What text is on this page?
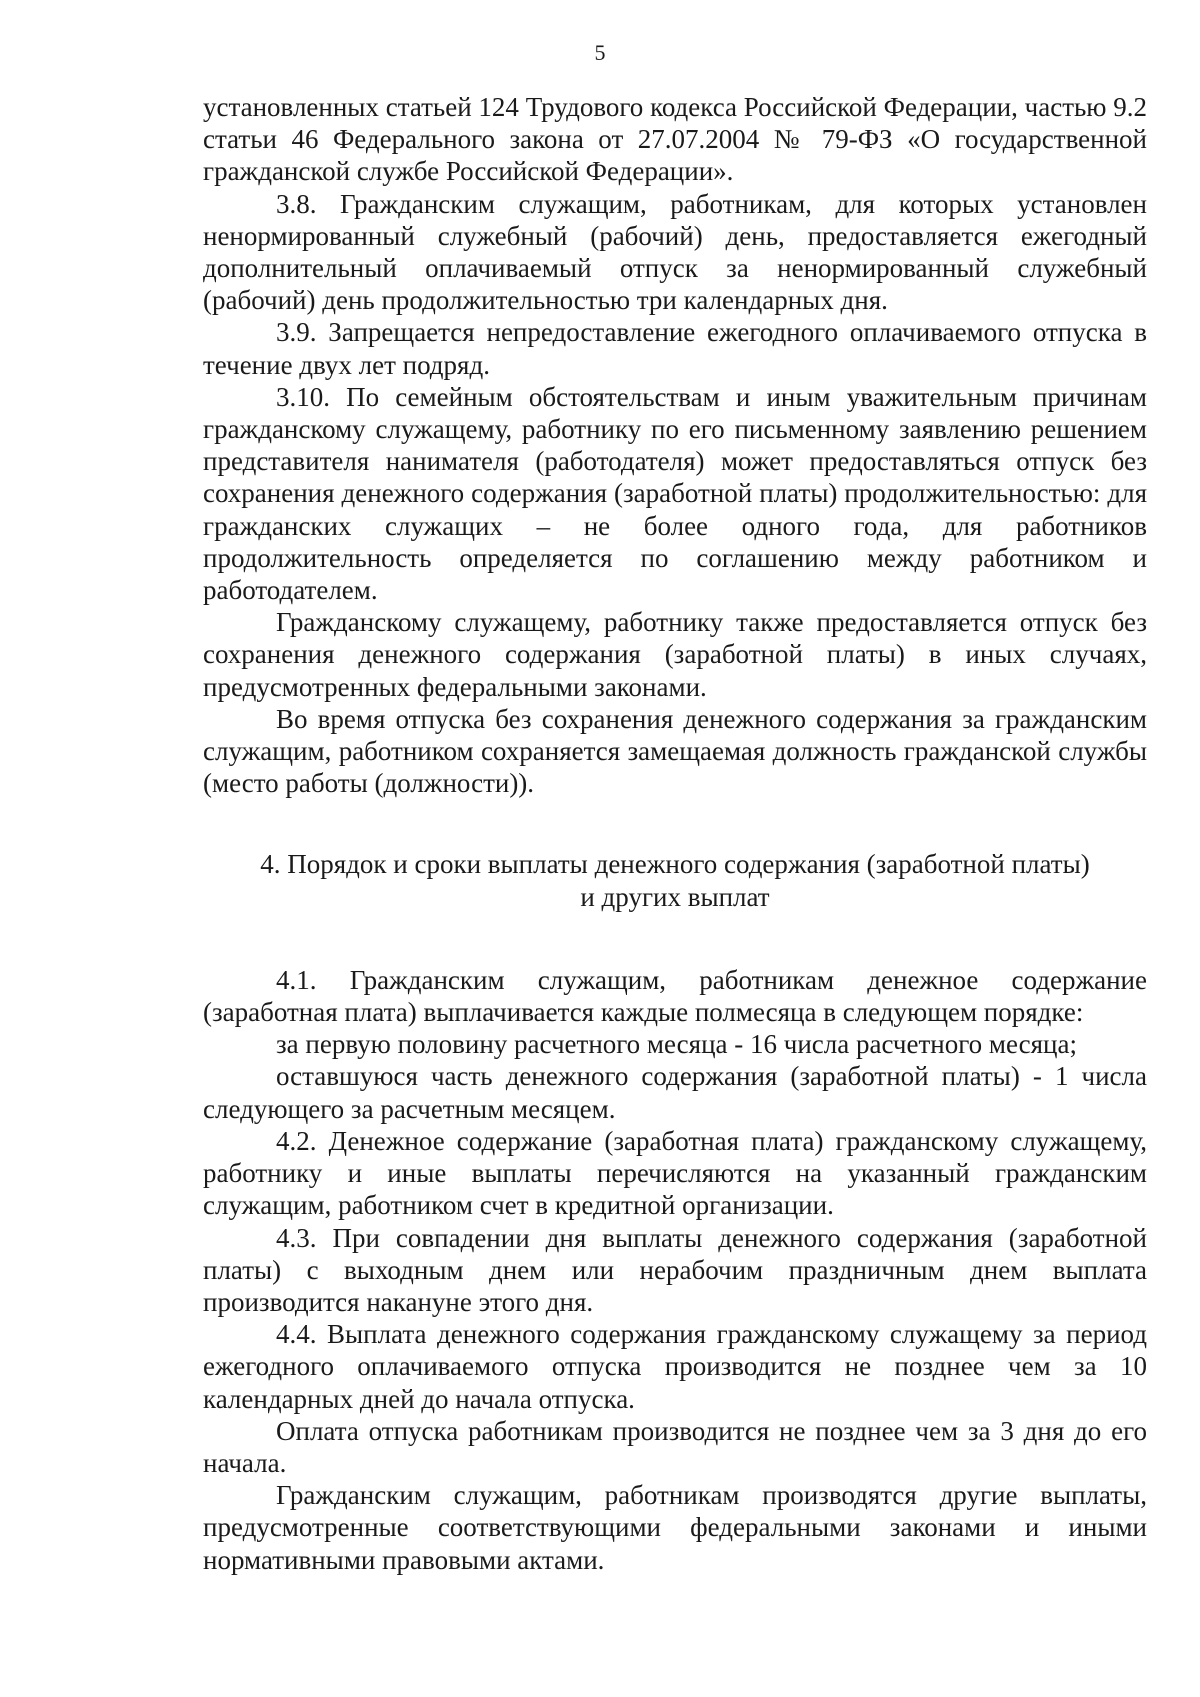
5

установленных статьей 124 Трудового кодекса Российской Федерации, частью 9.2 статьи 46 Федерального закона от 27.07.2004 № 79-ФЗ «О государственной гражданской службе Российской Федерации».

3.8. Гражданским служащим, работникам, для которых установлен ненормированный служебный (рабочий) день, предоставляется ежегодный дополнительный оплачиваемый отпуск за ненормированный служебный (рабочий) день продолжительностью три календарных дня.

3.9. Запрещается непредоставление ежегодного оплачиваемого отпуска в течение двух лет подряд.

3.10. По семейным обстоятельствам и иным уважительным причинам гражданскому служащему, работнику по его письменному заявлению решением представителя нанимателя (работодателя) может предоставляться отпуск без сохранения денежного содержания (заработной платы) продолжительностью: для гражданских служащих – не более одного года, для работников продолжительность определяется по соглашению между работником и работодателем.

Гражданскому служащему, работнику также предоставляется отпуск без сохранения денежного содержания (заработной платы) в иных случаях, предусмотренных федеральными законами.

Во время отпуска без сохранения денежного содержания за гражданским служащим, работником сохраняется замещаемая должность гражданской службы (место работы (должности)).

4. Порядок и сроки выплаты денежного содержания (заработной платы)
и других выплат

4.1. Гражданским служащим, работникам денежное содержание (заработная плата) выплачивается каждые полмесяца в следующем порядке:

за первую половину расчетного месяца - 16 числа расчетного месяца;

оставшуюся часть денежного содержания (заработной платы) - 1 числа следующего за расчетным месяцем.

4.2. Денежное содержание (заработная плата) гражданскому служащему, работнику и иные выплаты перечисляются на указанный гражданским служащим, работником счет в кредитной организации.

4.3. При совпадении дня выплаты денежного содержания (заработной платы) с выходным днем или нерабочим праздничным днем выплата производится накануне этого дня.

4.4. Выплата денежного содержания гражданскому служащему за период ежегодного оплачиваемого отпуска производится не позднее чем за 10 календарных дней до начала отпуска.

Оплата отпуска работникам производится не позднее чем за 3 дня до его начала.

Гражданским служащим, работникам производятся другие выплаты, предусмотренные соответствующими федеральными законами и иными нормативными правовыми актами.
